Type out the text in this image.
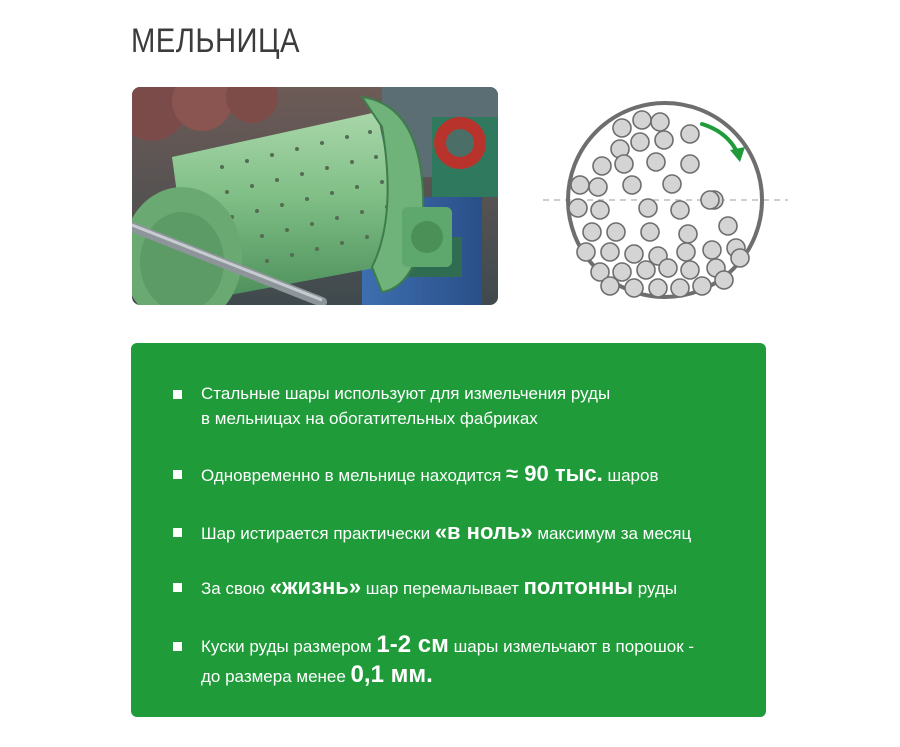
МЕЛЬНИЦА
Стальные шары используют для измельчения руды
в мельницах на обогатительных фабриках
Одновременно в мельнице находится ≈ 90 тыс. шаров
Шар истирается практически «в ноль» максимум за месяц
За свою «жизнь» шар перемалывает полтонны руды
Куски руды размером 1-2 см шары измельчают в порошок -
до размера менее 0,1 мм.
